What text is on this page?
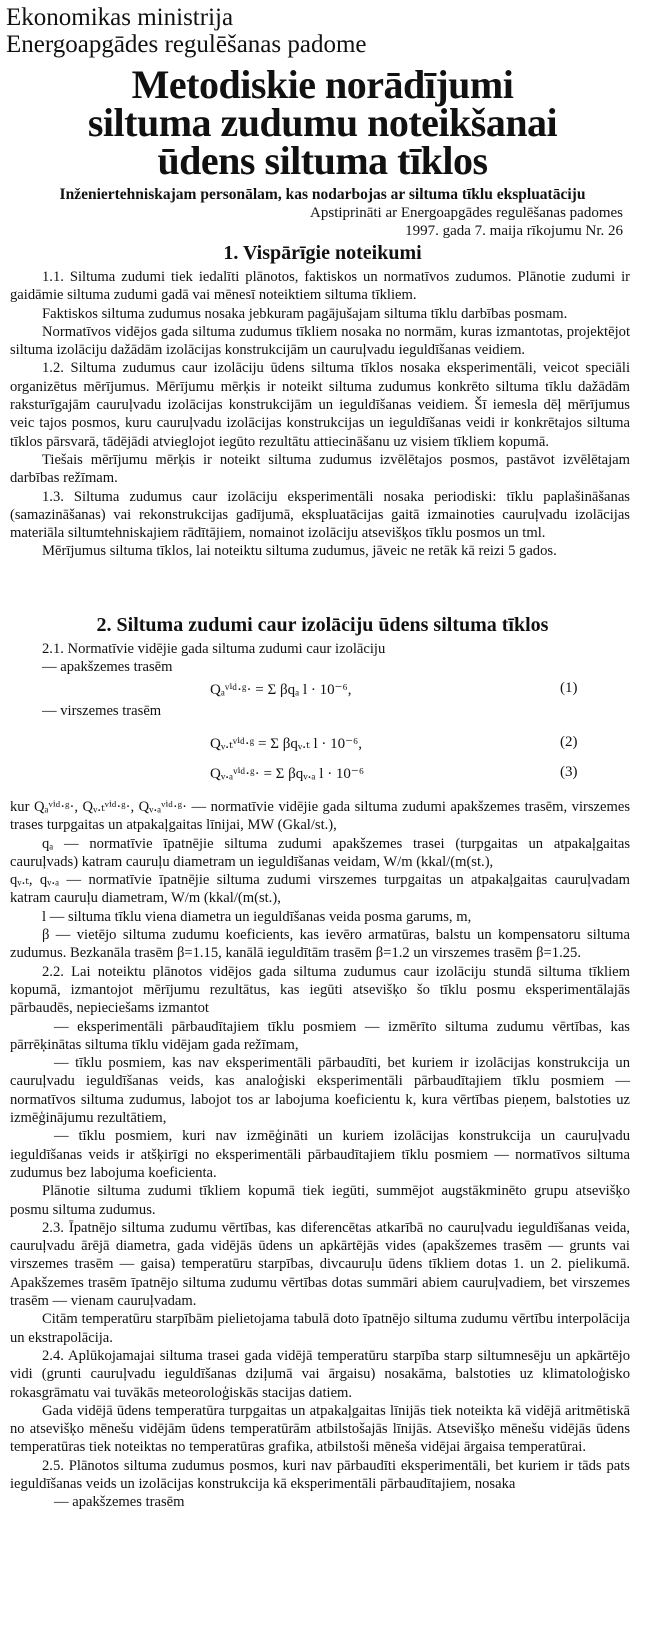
Ekonomikas ministrija
Energoapgādes regulēšanas padome
Metodiskie norādījumi
siltuma zudumu noteikšanai
ūdens siltuma tīklos
Inženiertehniskajam personālam, kas nodarbojas ar siltuma tīklu ekspluatāciju
Apstiprināti ar Energoapgādes regulēšanas padomes
1997. gada 7. maija rīkojumu Nr. 26
1. Vispārīgie noteikumi

1.1. Siltuma zudumi tiek iedalīti plānotos, faktiskos un normatīvos zudumos. Plānotie zudumi ir gaidāmie siltuma zudumi gadā vai mēnesī noteiktiem siltuma tīkliem.

Faktiskos siltuma zudumus nosaka jebkuram pagājušajam siltuma tīklu darbības posmam.

Normatīvos vidējos gada siltuma zudumus tīkliem nosaka no normām, kuras izmantotas, projektējot siltuma izolāciju dažādām izolācijas konstrukcijām un cauruļvadu ieguldīšanas veidiem.

1.2. Siltuma zudumus caur izolāciju ūdens siltuma tīklos nosaka eksperimentāli, veicot speciāli organizētus mērījumus. Mērījumu mērķis ir noteikt siltuma zudumus konkrēto siltuma tīklu dažādām raksturīgajām cauruļvadu izolācijas konstrukcijām un ieguldīšanas veidiem. Šī iemesla dēļ mērījumus veic tajos posmos, kuru cauruļvadu izolācijas konstrukcijas un ieguldīšanas veidi ir konkrētajos siltuma tīklos pārsvarā, tādējādi atvieglojot iegūto rezultātu attiecināšanu uz visiem tīkliem kopumā.

Tiešais mērījumu mērķis ir noteikt siltuma zudumus izvēlētajos posmos, pastāvot izvēlētajam darbības režīmam.

1.3. Siltuma zudumus caur izolāciju eksperimentāli nosaka periodiski: tīklu paplašināšanas (samazināšanas) vai rekonstrukcijas gadījumā, ekspluatācijas gaitā izmainoties cauruļvadu izolācijas materiāla siltumtehniskajiem rādītājiem, nomainot izolāciju atsevišķos tīklu posmos un tml.

Mērījumus siltuma tīklos, lai noteiktu siltuma zudumus, jāveic ne retāk kā reizi 5 gados.

2. Siltuma zudumi caur izolāciju ūdens siltuma tīklos

2.1. Normatīvie vidējie gada siltuma zudumi caur izolāciju

— apakšzemes trasēm

Qₐᵛⁱᵈ·ᵍ· = Σ βqₐ l · 10⁻⁶,	(1)

— virszemes trasēm

Qᵥ.ₜᵛⁱᵈ·ᵍ = Σ βqᵥ.ₜ l · 10⁻⁶,	(2)
Qᵥ.ₐᵛⁱᵈ·ᵍ· = Σ βqᵥ.ₐ l · 10⁻⁶	(3)

kur Qₐᵛⁱᵈ·ᵍ·, Qᵥ.ₜᵛⁱᵈ·ᵍ·, Qᵥ.ₐᵛⁱᵈ·ᵍ· — normatīvie vidējie gada siltuma zudumi apakšzemes trasēm, virszemes trases turpgaitas un atpakaļgaitas līnijai, MW (Gkal/st.),

qₐ — normatīvie īpatnējie siltuma zudumi apakšzemes trasei (turpgaitas un atpakaļgaitas cauruļvads) katram cauruļu diametram un ieguldīšanas veidam, W/m (kkal/(m(st.),

qᵥ.ₜ, qᵥ.ₐ — normatīvie īpatnējie siltuma zudumi virszemes turpgaitas un atpakaļgaitas cauruļvadam katram cauruļu diametram, W/m (kkal/(m(st.),

l — siltuma tīklu viena diametra un ieguldīšanas veida posma garums, m,

β — vietējo siltuma zudumu koeficients, kas ievēro armatūras, balstu un kompensatoru siltuma zudumus. Bezkanāla trasēm β=1.15, kanālā ieguldītām trasēm β=1.2 un virszemes trasēm β=1.25.

2.2. Lai noteiktu plānotos vidējos gada siltuma zudumus caur izolāciju stundā siltuma tīkliem kopumā, izmantojot mērījumu rezultātus, kas iegūti atsevišķo šo tīklu posmu eksperimentālajās pārbaudēs, nepieciešams izmantot

— eksperimentāli pārbaudītajiem tīklu posmiem — izmērīto siltuma zudumu vērtības, kas pārrēķinātas siltuma tīklu vidējam gada režīmam,

— tīklu posmiem, kas nav eksperimentāli pārbaudīti, bet kuriem ir izolācijas konstrukcija un cauruļvadu ieguldīšanas veids, kas analoģiski eksperimentāli pārbaudītajiem tīklu posmiem — normatīvos siltuma zudumus, labojot tos ar labojuma koeficientu k, kura vērtības pieņem, balstoties uz izmēģinājumu rezultātiem,

— tīklu posmiem, kuri nav izmēģināti un kuriem izolācijas konstrukcija un cauruļvadu ieguldīšanas veids ir atšķirīgi no eksperimentāli pārbaudītajiem tīklu posmiem — normatīvos siltuma zudumus bez labojuma koeficienta.

Plānotie siltuma zudumi tīkliem kopumā tiek iegūti, summējot augstākminēto grupu atsevišķo posmu siltuma zudumus.

2.3. Īpatnējo siltuma zudumu vērtības, kas diferencētas atkarībā no cauruļvadu ieguldīšanas veida, cauruļvadu ārējā diametra, gada vidējās ūdens un apkārtējās vides (apakšzemes trasēm — grunts vai virszemes trasēm — gaisa) temperatūru starpības, divcauruļu ūdens tīkliem dotas 1. un 2. pielikumā. Apakšzemes trasēm īpatnējo siltuma zudumu vērtības dotas summāri abiem cauruļvadiem, bet virszemes trasēm — vienam cauruļvadam.

Citām temperatūru starpībām pielietojama tabulā doto īpatnējo siltuma zudumu vērtību interpolācija un ekstrapolācija.

2.4. Aplūkojamajai siltuma trasei gada vidējā temperatūru starpība starp siltumnesēju un apkārtējo vidi (grunti cauruļvadu ieguldīšanas dziļumā vai ārgaisu) nosakāma, balstoties uz klimatoloģisko rokasgrāmatu vai tuvākās meteoroloģiskās stacijas datiem.

Gada vidējā ūdens temperatūra turpgaitas un atpakaļgaitas līnijās tiek noteikta kā vidējā aritmētiskā no atsevišķo mēnešu vidējām ūdens temperatūrām atbilstošajās līnijās. Atsevišķo mēnešu vidējās ūdens temperatūras tiek noteiktas no temperatūras grafika, atbilstoši mēneša vidējai ārgaisa temperatūrai.

2.5. Plānotos siltuma zudumus posmos, kuri nav pārbaudīti eksperimentāli, bet kuriem ir tāds pats ieguldīšanas veids un izolācijas konstrukcija kā eksperimentāli pārbaudītajiem, nosaka

— apakšzemes trasēm
